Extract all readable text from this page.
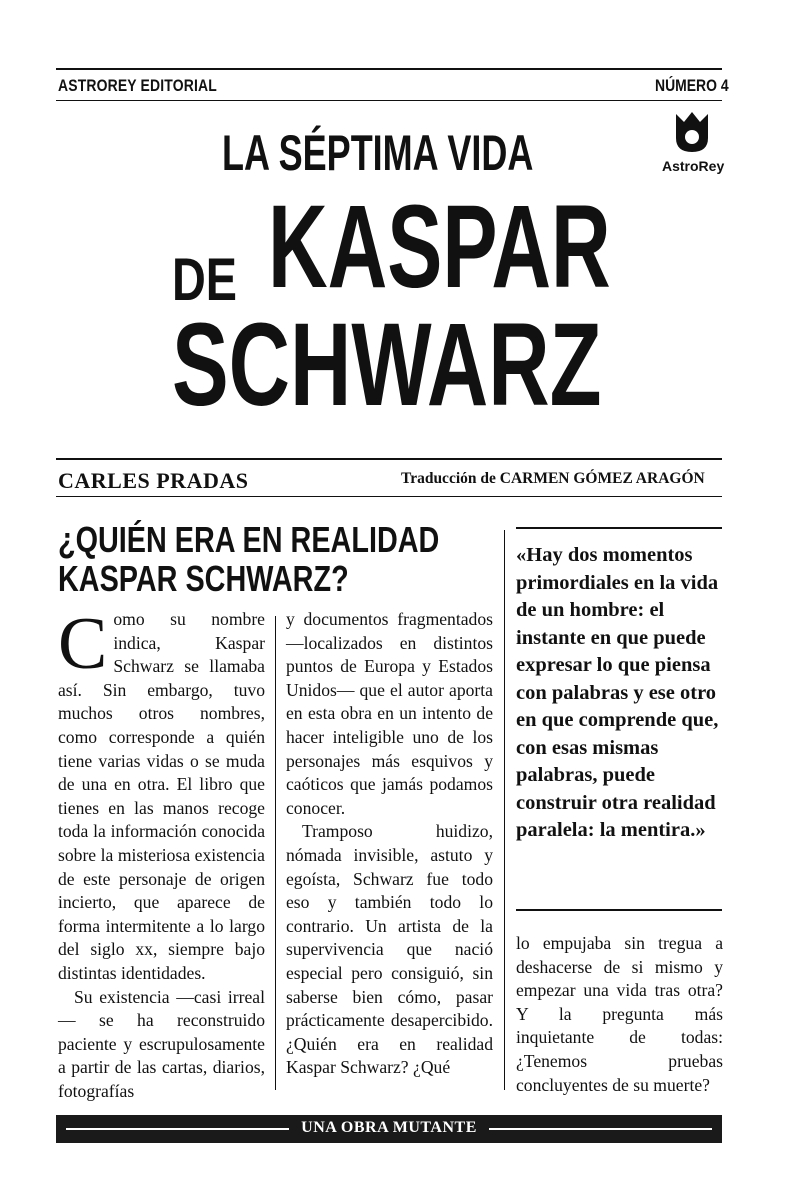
ASTROREY EDITORIAL	NÚMERO 4
AstroRey
LA SÉPTIMA VIDA
DE KASPAR
SCHWARZ
CARLES PRADAS	Traducción de CARMEN GÓMEZ ARAGÓN
¿QUIÉN ERA EN REALIDAD
KASPAR SCHWARZ?

Como su nombre indica, Kaspar Schwarz se llamaba así. Sin embargo, tuvo muchos otros nombres, como corresponde a quién tiene varias vidas o se muda de una en otra. El libro que tienes en las manos recoge toda la información conocida sobre la misteriosa existencia de este personaje de origen incierto, que aparece de forma intermitente a lo largo del siglo xx, siempre bajo distintas identidades.

Su existencia —casi irreal— se ha reconstruido paciente y escrupulosamente a partir de las cartas, diarios, fotografías

y documentos fragmentados —localizados en distintos puntos de Europa y Estados Unidos— que el autor aporta en esta obra en un intento de hacer inteligible uno de los personajes más esquivos y caóticos que jamás podamos conocer.

Tramposo huidizo, nómada invisible, astuto y egoísta, Schwarz fue todo eso y también todo lo contrario. Un artista de la supervivencia que nació especial pero consiguió, sin saberse bien cómo, pasar prácticamente desapercibido. ¿Quién era en realidad Kaspar Schwarz? ¿Qué

«Hay dos momentos primordiales en la vida de un hombre: el instante en que puede expresar lo que piensa con palabras y ese otro en que comprende que, con esas mismas palabras, puede construir otra realidad paralela: la mentira.»

lo empujaba sin tregua a deshacerse de si mismo y empezar una vida tras otra? Y la pregunta más inquietante de todas: ¿Tenemos pruebas concluyentes de su muerte?

UNA OBRA MUTANTE
